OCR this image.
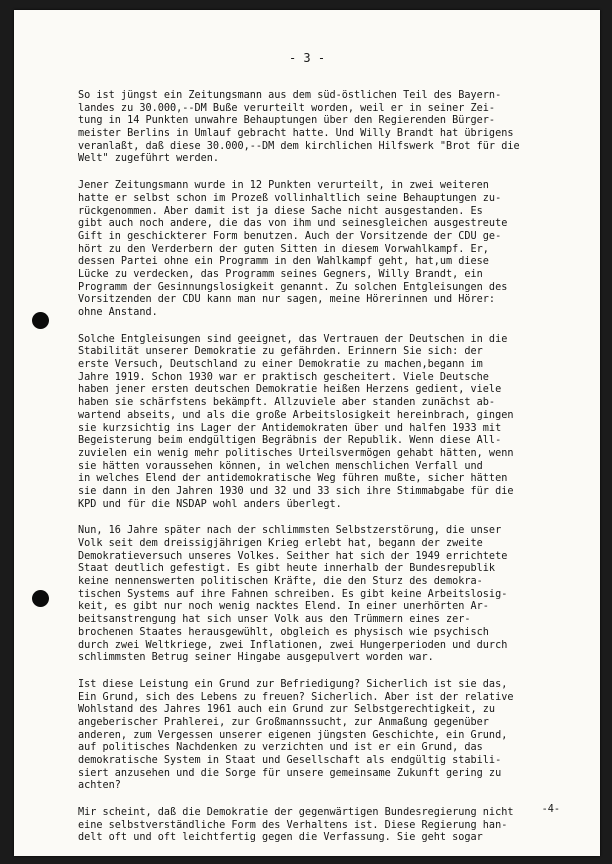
- 3 -
So ist jüngst ein Zeitungsmann aus dem süd-östlichen Teil des Bayern-
landes zu 30.000,--DM Buße verurteilt worden, weil er in seiner Zei-
tung in 14 Punkten unwahre Behauptungen über den Regierenden Bürger-
meister Berlins in Umlauf gebracht hatte. Und Willy Brandt hat übrigens
veranlaßt, daß diese 30.000,--DM dem kirchlichen Hilfswerk "Brot für die
Welt" zugeführt werden.
Jener Zeitungsmann wurde in 12 Punkten verurteilt, in zwei weiteren
hatte er selbst schon im Prozeß vollinhaltlich seine Behauptungen zu-
rückgenommen. Aber damit ist ja diese Sache nicht ausgestanden. Es
gibt auch noch andere, die das von ihm und seinesgleichen ausgestreute
Gift in geschickterer Form benutzen. Auch der Vorsitzende der CDU ge-
hört zu den Verderbern der guten Sitten in diesem Vorwahlkampf. Er,
dessen Partei ohne ein Programm in den Wahlkampf geht, hat,um diese
Lücke zu verdecken, das Programm seines Gegners, Willy Brandt, ein
Programm der Gesinnungslosigkeit genannt. Zu solchen Entgleisungen des
Vorsitzenden der CDU kann man nur sagen, meine Hörerinnen und Hörer:
ohne Anstand.
Solche Entgleisungen sind geeignet, das Vertrauen der Deutschen in die
Stabilität unserer Demokratie zu gefährden. Erinnern Sie sich: der
erste Versuch, Deutschland zu einer Demokratie zu machen,begann im
Jahre 1919. Schon 1930 war er praktisch gescheitert. Viele Deutsche
haben jener ersten deutschen Demokratie heißen Herzens gedient, viele
haben sie schärfstens bekämpft. Allzuviele aber standen zunächst ab-
wartend abseits, und als die große Arbeitslosigkeit hereinbrach, gingen
sie kurzsichtig ins Lager der Antidemokraten über und halfen 1933 mit
Begeisterung beim endgültigen Begräbnis der Republik. Wenn diese All-
zuvielen ein wenig mehr politisches Urteilsvermögen gehabt hätten, wenn
sie hätten voraussehen können, in welchen menschlichen Verfall und
in welches Elend der antidemokratische Weg führen mußte, sicher hätten
sie dann in den Jahren 1930 und 32 und 33 sich ihre Stimmabgabe für die
KPD und für die NSDAP wohl anders überlegt.
Nun, 16 Jahre später nach der schlimmsten Selbstzerstörung, die unser
Volk seit dem dreissigjährigen Krieg erlebt hat, begann der zweite
Demokratieversuch unseres Volkes. Seither hat sich der 1949 errichtete
Staat deutlich gefestigt. Es gibt heute innerhalb der Bundesrepublik
keine nennenswerten politischen Kräfte, die den Sturz des demokra-
tischen Systems auf ihre Fahnen schreiben. Es gibt keine Arbeitslosig-
keit, es gibt nur noch wenig nacktes Elend. In einer unerhörten Ar-
beitsanstrengung hat sich unser Volk aus den Trümmern eines zer-
brochenen Staates herausgewühlt, obgleich es physisch wie psychisch
durch zwei Weltkriege, zwei Inflationen, zwei Hungerperioden und durch
schlimmsten Betrug seiner Hingabe ausgepulvert worden war.
Ist diese Leistung ein Grund zur Befriedigung? Sicherlich ist sie das,
Ein Grund, sich des Lebens zu freuen? Sicherlich. Aber ist der relative
Wohlstand des Jahres 1961 auch ein Grund zur Selbstgerechtigkeit, zu
angeberischer Prahlerei, zur Großmannssucht, zur Anmaßung gegenüber
anderen, zum Vergessen unserer eigenen jüngsten Geschichte, ein Grund,
auf politisches Nachdenken zu verzichten und ist er ein Grund, das
demokratische System in Staat und Gesellschaft als endgültig stabili-
siert anzusehen und die Sorge für unsere gemeinsame Zukunft gering zu
achten?
Mir scheint, daß die Demokratie der gegenwärtigen Bundesregierung nicht
eine selbstverständliche Form des Verhaltens ist. Diese Regierung han-
delt oft und oft leichtfertig gegen die Verfassung. Sie geht sogar
-4-
